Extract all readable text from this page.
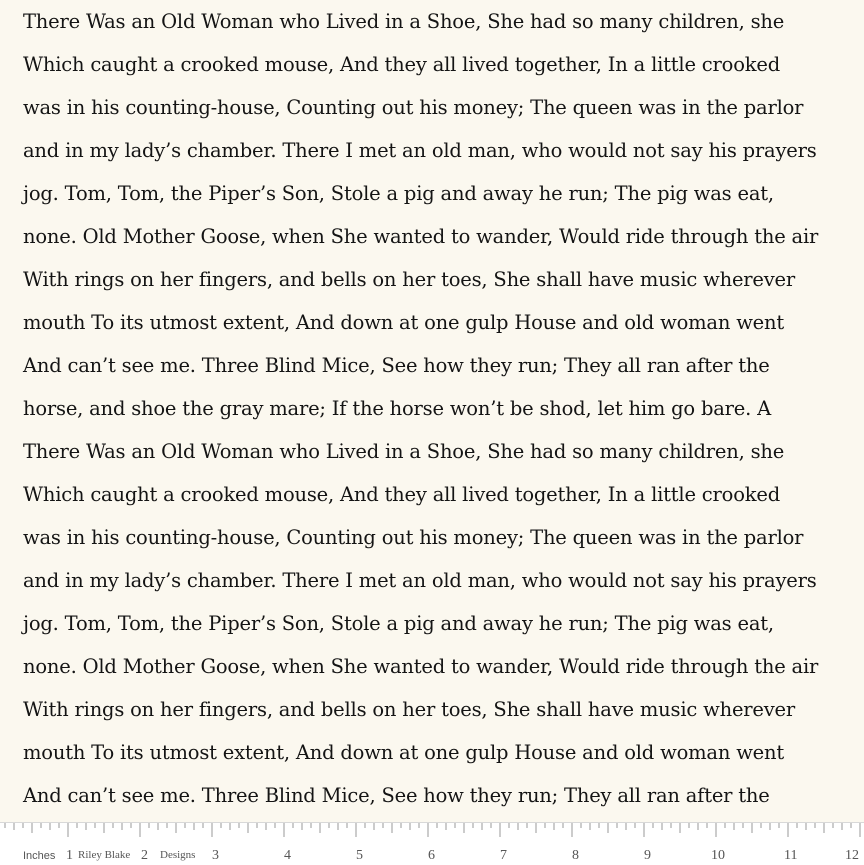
There Was an Old Woman who Lived in a Shoe, She had so many children, she
Which caught a crooked mouse, And they all lived together, In a little crooked
was in his counting-house, Counting out his money; The queen was in the parlor
and in my lady’s chamber. There I met an old man, who would not say his prayers
jog. Tom, Tom, the Piper’s Son, Stole a pig and away he run; The pig was eat,
none. Old Mother Goose, when She wanted to wander, Would ride through the air
With rings on her fingers, and bells on her toes, She shall have music wherever
mouth To its utmost extent, And down at one gulp House and old woman went
And can’t see me. Three Blind Mice, See how they run; They all ran after the
horse, and shoe the gray mare; If the horse won’t be shod, let him go bare. A
There Was an Old Woman who Lived in a Shoe, She had so many children, she
Which caught a crooked mouse, And they all lived together, In a little crooked
was in his counting-house, Counting out his money; The queen was in the parlor
and in my lady’s chamber. There I met an old man, who would not say his prayers
jog. Tom, Tom, the Piper’s Son, Stole a pig and away he run; The pig was eat,
none. Old Mother Goose, when She wanted to wander, Would ride through the air
With rings on her fingers, and bells on her toes, She shall have music wherever
mouth To its utmost extent, And down at one gulp House and old woman went
And can’t see me. Three Blind Mice, See how they run; They all ran after the
Inches Riley Blake	Designs
1	2	3	4	5	6	7	8	9	10	11	12
